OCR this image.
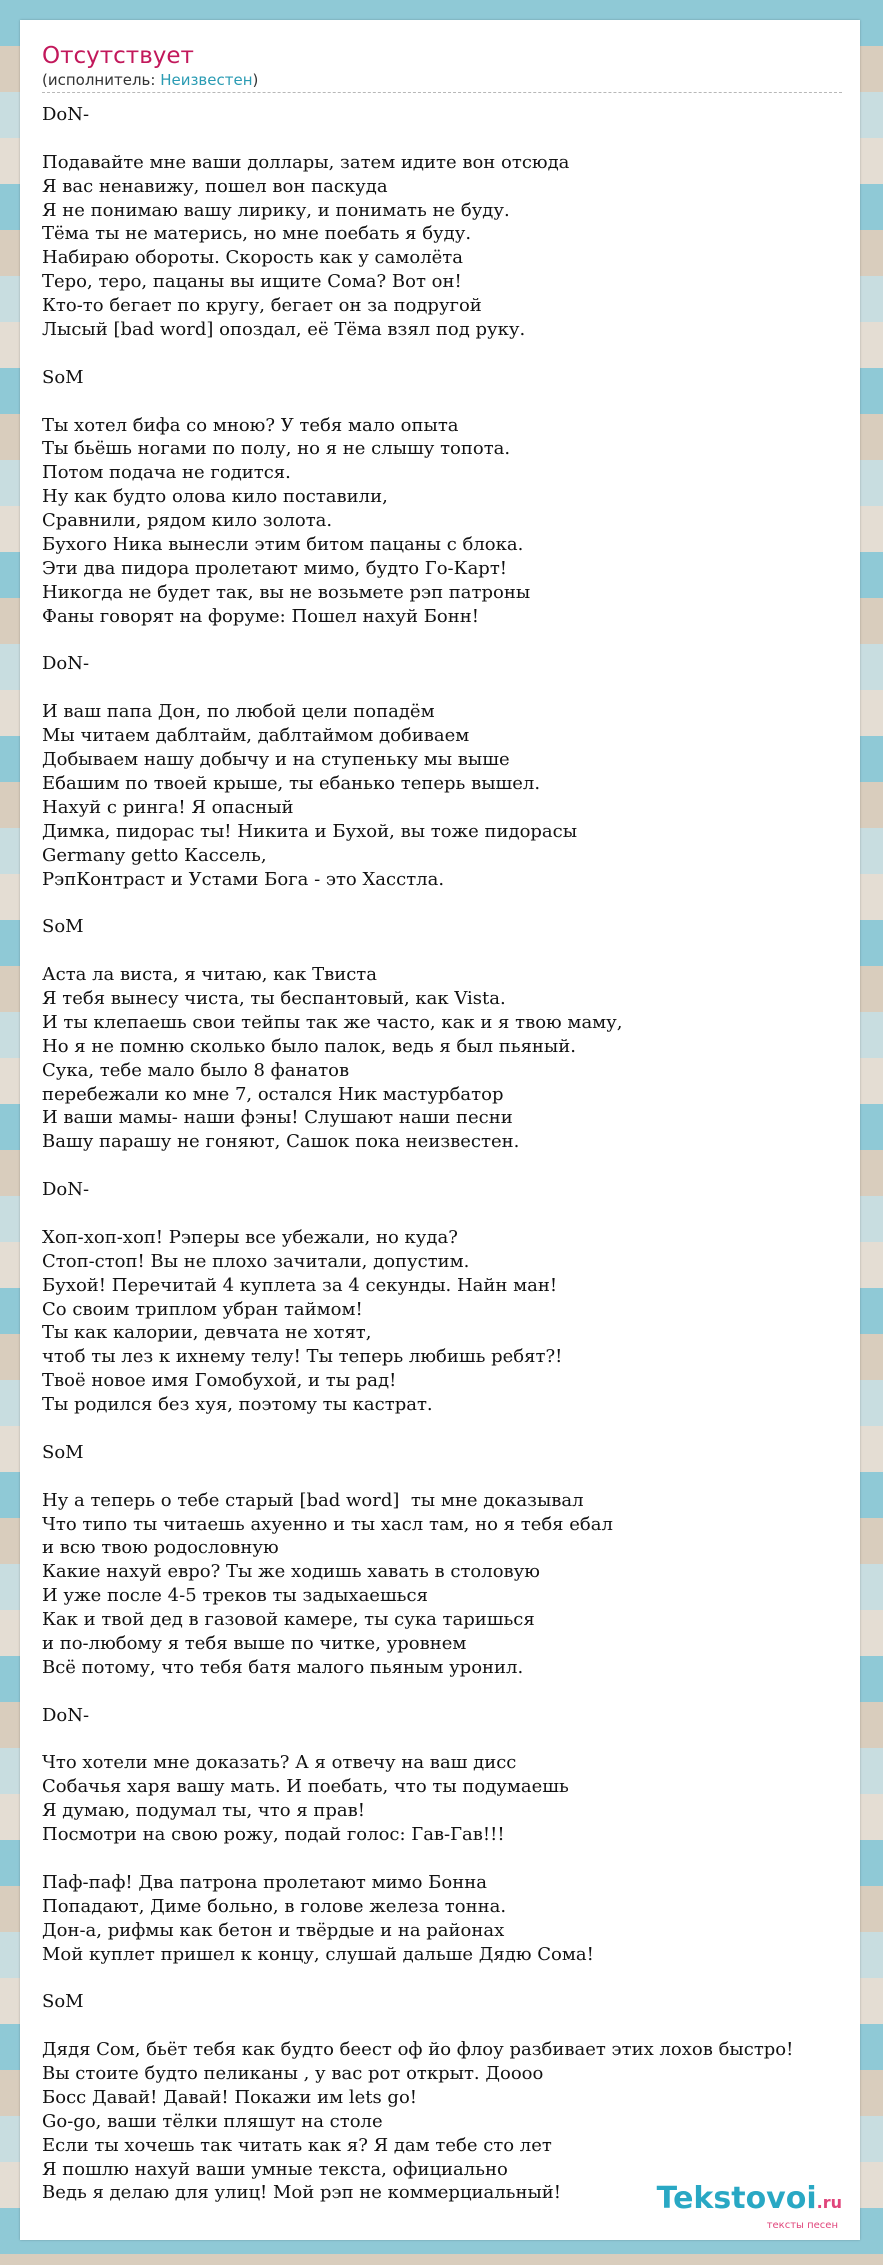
Отсутствует
(исполнитель: Неизвестен)
DoN-
Подавайте мне ваши доллары, затем идите вон отсюда
Я вас ненавижу, пошел вон паскуда
Я не понимаю вашу лирику, и понимать не буду.
Тёма ты не матерись, но мне поебать я буду.
Набираю обороты. Скорость как у самолёта
Теро, теро, пацаны вы ищите Сома? Вот он!
Кто-то бегает по кругу, бегает он за подругой
Лысый [bad word] опоздал, её Тёма взял под руку.
SoM
Ты хотел бифа со мною? У тебя мало опыта
Ты бьёшь ногами по полу, но я не слышу топота.
Потом подача не годится.
Ну как будто олова кило поставили,
Сравнили, рядом кило золота.
Бухого Ника вынесли этим битом пацаны с блока.
Эти два пидора пролетают мимо, будто Го-Карт!
Никогда не будет так, вы не возьмете рэп патроны
Фаны говорят на форуме: Пошел нахуй Бонн!
DoN-
И ваш папа Дон, по любой цели попадём
Мы читаем даблтайм, даблтаймом добиваем
Добываем нашу добычу и на ступеньку мы выше
Ебашим по твоей крыше, ты ебанько теперь вышел.
Нахуй с ринга! Я опасный
Димка, пидорас ты! Никита и Бухой, вы тоже пидорасы
Germany getto Кассель,
РэпКонтраст и Устами Бога - это Хасстла.
SoM
Аста ла виста, я читаю, как Твиста
Я тебя вынесу чиста, ты беспантовый, как Vista.
И ты клепаешь свои тейпы так же часто, как и я твою маму,
Но я не помню сколько было палок, ведь я был пьяный.
Сука, тебе мало было 8 фанатов
перебежали ко мне 7, остался Ник мастурбатор
И ваши мамы- наши фэны! Слушают наши песни
Вашу парашу не гоняют, Сашок пока неизвестен.
DoN-
Хоп-хоп-хоп! Рэперы все убежали, но куда?
Стоп-стоп! Вы не плохо зачитали, допустим.
Бухой! Перечитай 4 куплета за 4 секунды. Найн ман!
Со своим триплом убран таймом!
Ты как калории, девчата не хотят,
чтоб ты лез к ихнему телу! Ты теперь любишь ребят?!
Твоё новое имя Гомобухой, и ты рад!
Ты родился без хуя, поэтому ты кастрат.
SoM
Ну а теперь о тебе старый [bad word]  ты мне доказывал
Что типо ты читаешь ахуенно и ты хасл там, но я тебя ебал
и всю твою родословную
Какие нахуй евро? Ты же ходишь хавать в столовую
И уже после 4-5 треков ты задыхаешься
Как и твой дед в газовой камере, ты сука таришься
и по-любому я тебя выше по читке, уровнем
Всё потому, что тебя батя малого пьяным уронил.
DoN-
Что хотели мне доказать? А я отвечу на ваш дисс
Собачья харя вашу мать. И поебать, что ты подумаешь
Я думаю, подумал ты, что я прав!
Посмотри на свою рожу, подай голос: Гав-Гав!!!
Паф-паф! Два патрона пролетают мимо Бонна
Попадают, Диме больно, в голове железа тонна.
Дон-а, рифмы как бетон и твёрдые и на районах
Мой куплет пришел к концу, слушай дальше Дядю Сома!
SoM
Дядя Сом, бьёт тебя как будто беест оф йо флоу разбивает этих лохов быстро!
Вы стоите будто пеликаны , у вас рот открыт. Дoooo
Босс Давай! Давай! Покажи им lets go!
Go-go, ваши тёлки пляшут на столе
Если ты хочешь так читать как я? Я дам тебе сто лет
Я пошлю нахуй ваши умные текста, официально
Ведь я делаю для улиц! Мой рэп не коммерциальный!	Tekstovoi.ru
тексты песен
